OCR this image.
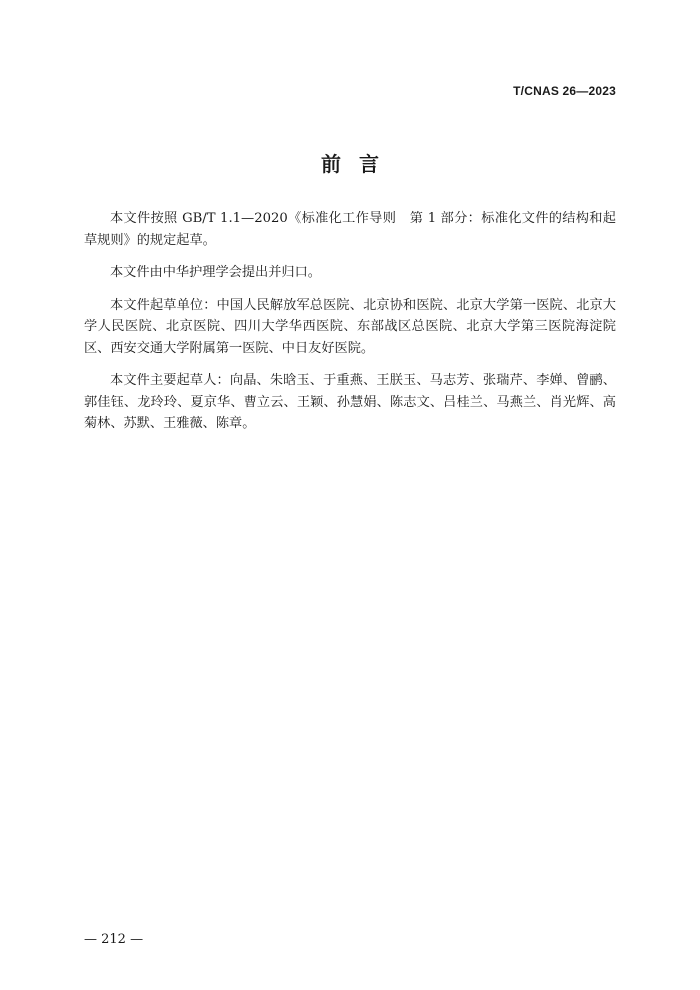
T/CNAS 26—2023
前言

本文件按照 GB/T 1.1—2020《标准化工作导则　第 1 部分：标准化文件的结构和起草规则》的规定起草。

本文件由中华护理学会提出并归口。

本文件起草单位：中国人民解放军总医院、北京协和医院、北京大学第一医院、北京大学人民医院、北京医院、四川大学华西医院、东部战区总医院、北京大学第三医院海淀院区、西安交通大学附属第一医院、中日友好医院。

本文件主要起草人：向晶、朱晗玉、于重燕、王朕玉、马志芳、张瑞芹、李婵、曾鹂、郭佳钰、龙玲玲、夏京华、曹立云、王颖、孙慧娟、陈志文、吕桂兰、马燕兰、肖光辉、高菊林、苏默、王雅薇、陈章。

— 212 —
